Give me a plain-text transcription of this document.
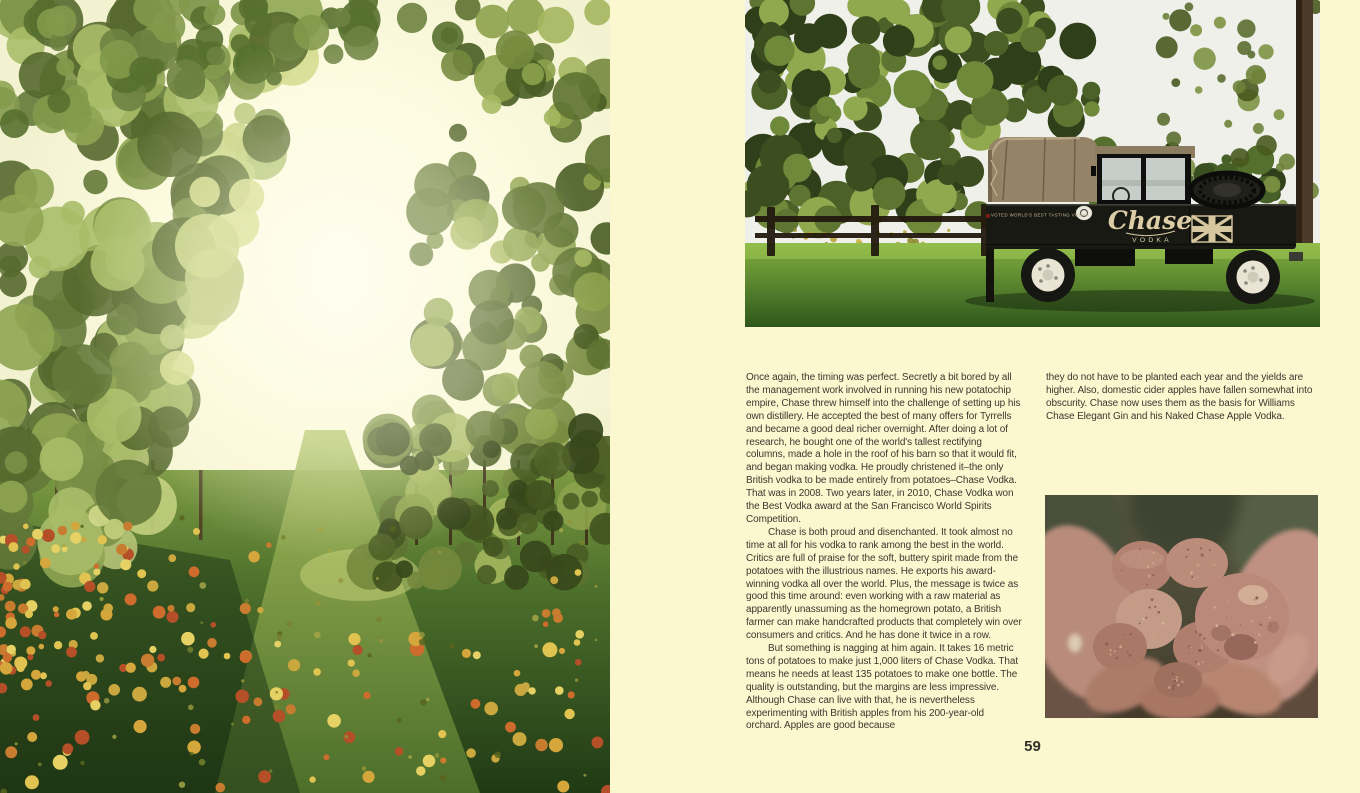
VOTED WORLD'S BEST TASTING VODKA Chase
VODKA

Once again, the timing was perfect. Secretly a bit bored by all the management work involved in running his new potatochip empire, Chase threw himself into the challenge of setting up his own distillery. He accepted the best of many offers for Tyrrells and became a good deal richer overnight. After doing a lot of research, he bought one of the world's tallest rectifying columns, made a hole in the roof of his barn so that it would fit, and began making vodka. He proudly christened it–the only British vodka to be made entirely from potatoes–Chase Vodka. That was in 2008. Two years later, in 2010, Chase Vodka won the Best Vodka award at the San Francisco World Spirits Competition.

Chase is both proud and disenchanted. It took almost no time at all for his vodka to rank among the best in the world. Critics are full of praise for the soft, buttery spirit made from the potatoes with the illustrious names. He exports his award-winning vodka all over the world. Plus, the message is twice as good this time around: even working with a raw material as apparently unassuming as the homegrown potato, a British farmer can make handcrafted products that completely win over consumers and critics. And he has done it twice in a row.

But something is nagging at him again. It takes 16 metric tons of potatoes to make just 1,000 liters of Chase Vodka. That means he needs at least 135 potatoes to make one bottle. The quality is outstanding, but the margins are less impressive. Although Chase can live with that, he is nevertheless experimenting with British apples from his 200-year-old orchard. Apples are good because

they do not have to be planted each year and the yields are higher. Also, domestic cider apples have fallen somewhat into obscurity. Chase now uses them as the basis for Williams Chase Elegant Gin and his Naked Chase Apple Vodka.

59
